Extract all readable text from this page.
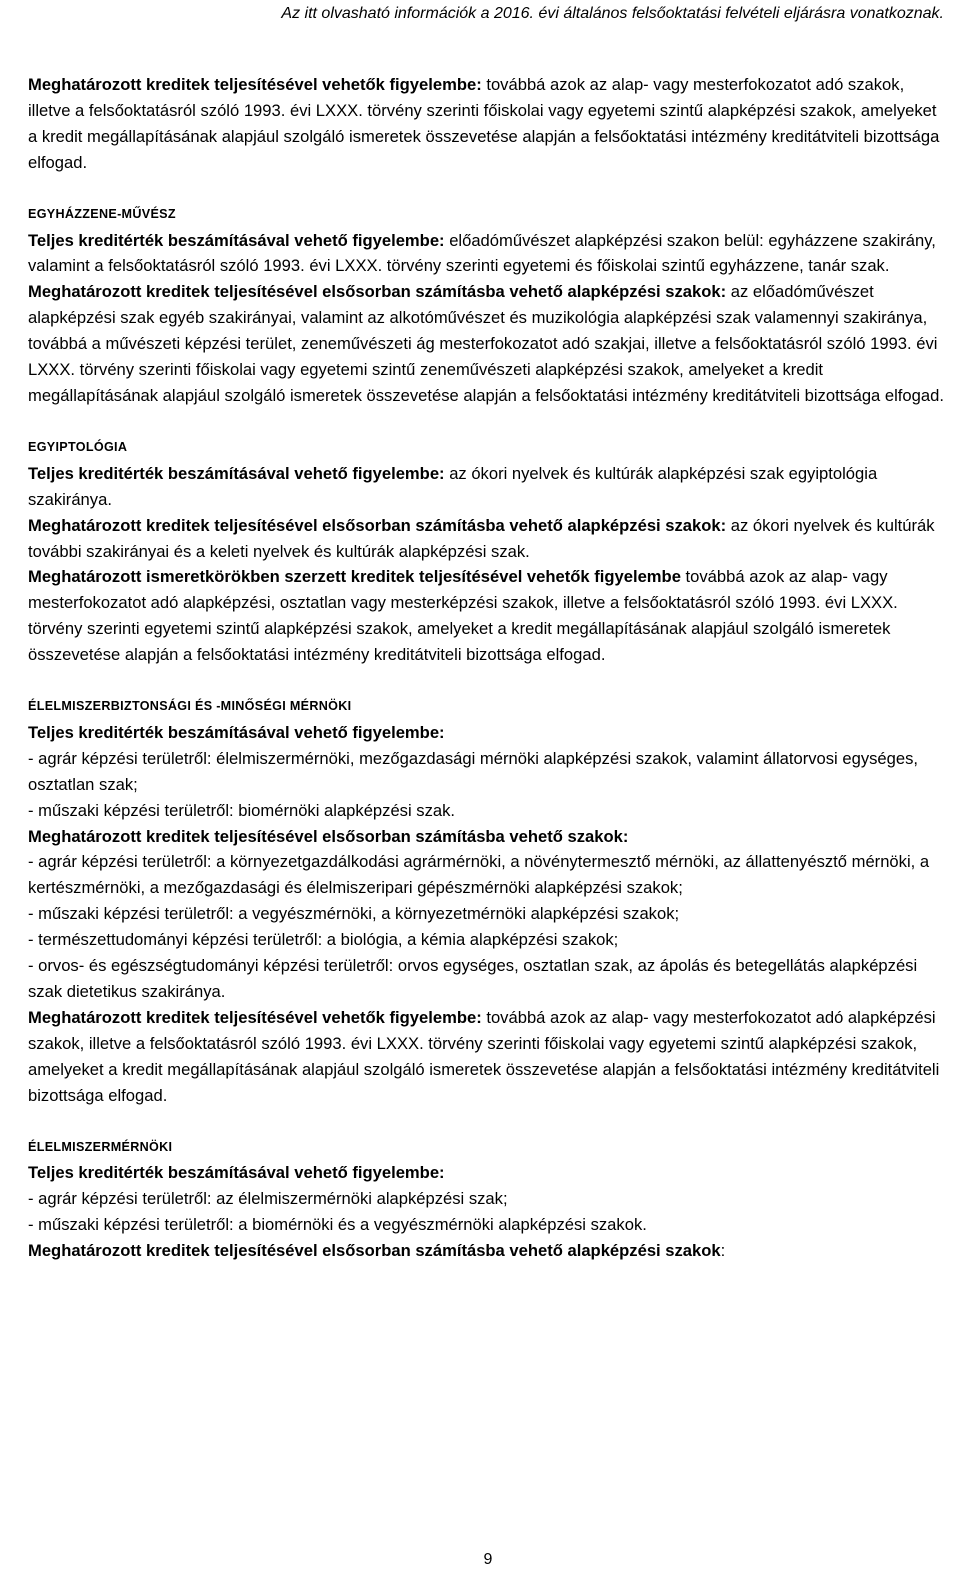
Az itt olvasható információk a 2016. évi általános felsőoktatási felvételi eljárásra vonatkoznak.

Meghatározott kreditek teljesítésével vehetők figyelembe: továbbá azok az alap- vagy mesterfokozatot adó szakok, illetve a felsőoktatásról szóló 1993. évi LXXX. törvény szerinti főiskolai vagy egyetemi szintű alapképzési szakok, amelyeket a kredit megállapításának alapjául szolgáló ismeretek összevetése alapján a felsőoktatási intézmény kreditátviteli bizottsága elfogad.

EGYHÁZZENE-MŰVÉSZ

Teljes kreditérték beszámításával vehető figyelembe: előadóművészet alapképzési szakon belül: egyházzene szakirány, valamint a felsőoktatásról szóló 1993. évi LXXX. törvény szerinti egyetemi és főiskolai szintű egyházzene, tanár szak.

Meghatározott kreditek teljesítésével elsősorban számításba vehető alapképzési szakok: az előadóművészet alapképzési szak egyéb szakirányai, valamint az alkotóművészet és muzikológia alapképzési szak valamennyi szakiránya, továbbá a művészeti képzési terület, zeneművészeti ág mesterfokozatot adó szakjai, illetve a felsőoktatásról szóló 1993. évi LXXX. törvény szerinti főiskolai vagy egyetemi szintű zeneművészeti alapképzési szakok, amelyeket a kredit megállapításának alapjául szolgáló ismeretek összevetése alapján a felsőoktatási intézmény kreditátviteli bizottsága elfogad.

EGYIPTOLÓGIA

Teljes kreditérték beszámításával vehető figyelembe: az ókori nyelvek és kultúrák alapképzési szak egyiptológia szakiránya.

Meghatározott kreditek teljesítésével elsősorban számításba vehető alapképzési szakok: az ókori nyelvek és kultúrák további szakirányai és a keleti nyelvek és kultúrák alapképzési szak.

Meghatározott ismeretkörökben szerzett kreditek teljesítésével vehetők figyelembe továbbá azok az alap- vagy mesterfokozatot adó alapképzési, osztatlan vagy mesterképzési szakok, illetve a felsőoktatásról szóló 1993. évi LXXX. törvény szerinti egyetemi szintű alapképzési szakok, amelyeket a kredit megállapításának alapjául szolgáló ismeretek összevetése alapján a felsőoktatási intézmény kreditátviteli bizottsága elfogad.

ÉLELMISZERBIZTONSÁGI ÉS -MINŐSÉGI MÉRNÖKI

Teljes kreditérték beszámításával vehető figyelembe:

- agrár képzési területről: élelmiszermérnöki, mezőgazdasági mérnöki alapképzési szakok, valamint állatorvosi egységes, osztatlan szak;

- műszaki képzési területről: biomérnöki alapképzési szak.

Meghatározott kreditek teljesítésével elsősorban számításba vehető szakok:

- agrár képzési területről: a környezetgazdálkodási agrármérnöki, a növénytermesztő mérnöki, az állattenyésztő mérnöki, a kertészmérnöki, a mezőgazdasági és élelmiszeripari gépészmérnöki alapképzési szakok;

- műszaki képzési területről: a vegyészmérnöki, a környezetmérnöki alapképzési szakok;

- természettudományi képzési területről: a biológia, a kémia alapképzési szakok;

- orvos- és egészségtudományi képzési területről: orvos egységes, osztatlan szak, az ápolás és betegellátás alapképzési szak dietetikus szakiránya.

Meghatározott kreditek teljesítésével vehetők figyelembe: továbbá azok az alap- vagy mesterfokozatot adó alapképzési szakok, illetve a felsőoktatásról szóló 1993. évi LXXX. törvény szerinti főiskolai vagy egyetemi szintű alapképzési szakok, amelyeket a kredit megállapításának alapjául szolgáló ismeretek összevetése alapján a felsőoktatási intézmény kreditátviteli bizottsága elfogad.

ÉLELMISZERMÉRNÖKI

Teljes kreditérték beszámításával vehető figyelembe:

- agrár képzési területről: az élelmiszermérnöki alapképzési szak;

- műszaki képzési területről: a biomérnöki és a vegyészmérnöki alapképzési szakok.

Meghatározott kreditek teljesítésével elsősorban számításba vehető alapképzési szakok:

9
